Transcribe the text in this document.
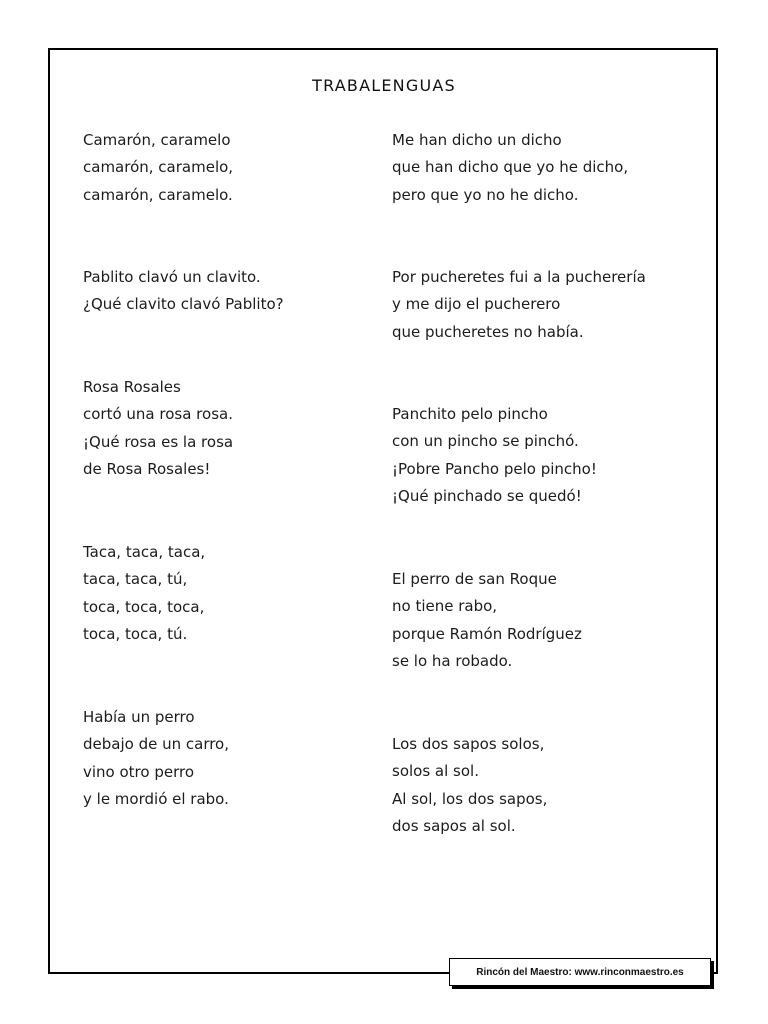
TRABALENGUAS
Camarón, caramelo
camarón, caramelo,
camarón, caramelo.
Pablito clavó un clavito.
¿Qué clavito clavó Pablito?
Rosa Rosales
cortó una rosa rosa.
¡Qué rosa es la rosa
de Rosa Rosales!
Taca, taca, taca,
taca, taca, tú,
toca, toca, toca,
toca, toca, tú.
Había un perro
debajo de un carro,
vino otro perro
y le mordió el rabo.
Me han dicho un dicho
que han dicho que yo he dicho,
pero que yo no he dicho.
Por pucheretes fui a la pucherería
y me dijo el pucherero
que pucheretes no había.
Panchito pelo pincho
con un pincho se pinchó.
¡Pobre Pancho pelo pincho!
¡Qué pinchado se quedó!
El perro de san Roque
no tiene rabo,
porque Ramón Rodríguez
se lo ha robado.
Los dos sapos solos,
solos al sol.
Al sol, los dos sapos,
dos sapos al sol.
Rincón del Maestro: www.rinconmaestro.es
